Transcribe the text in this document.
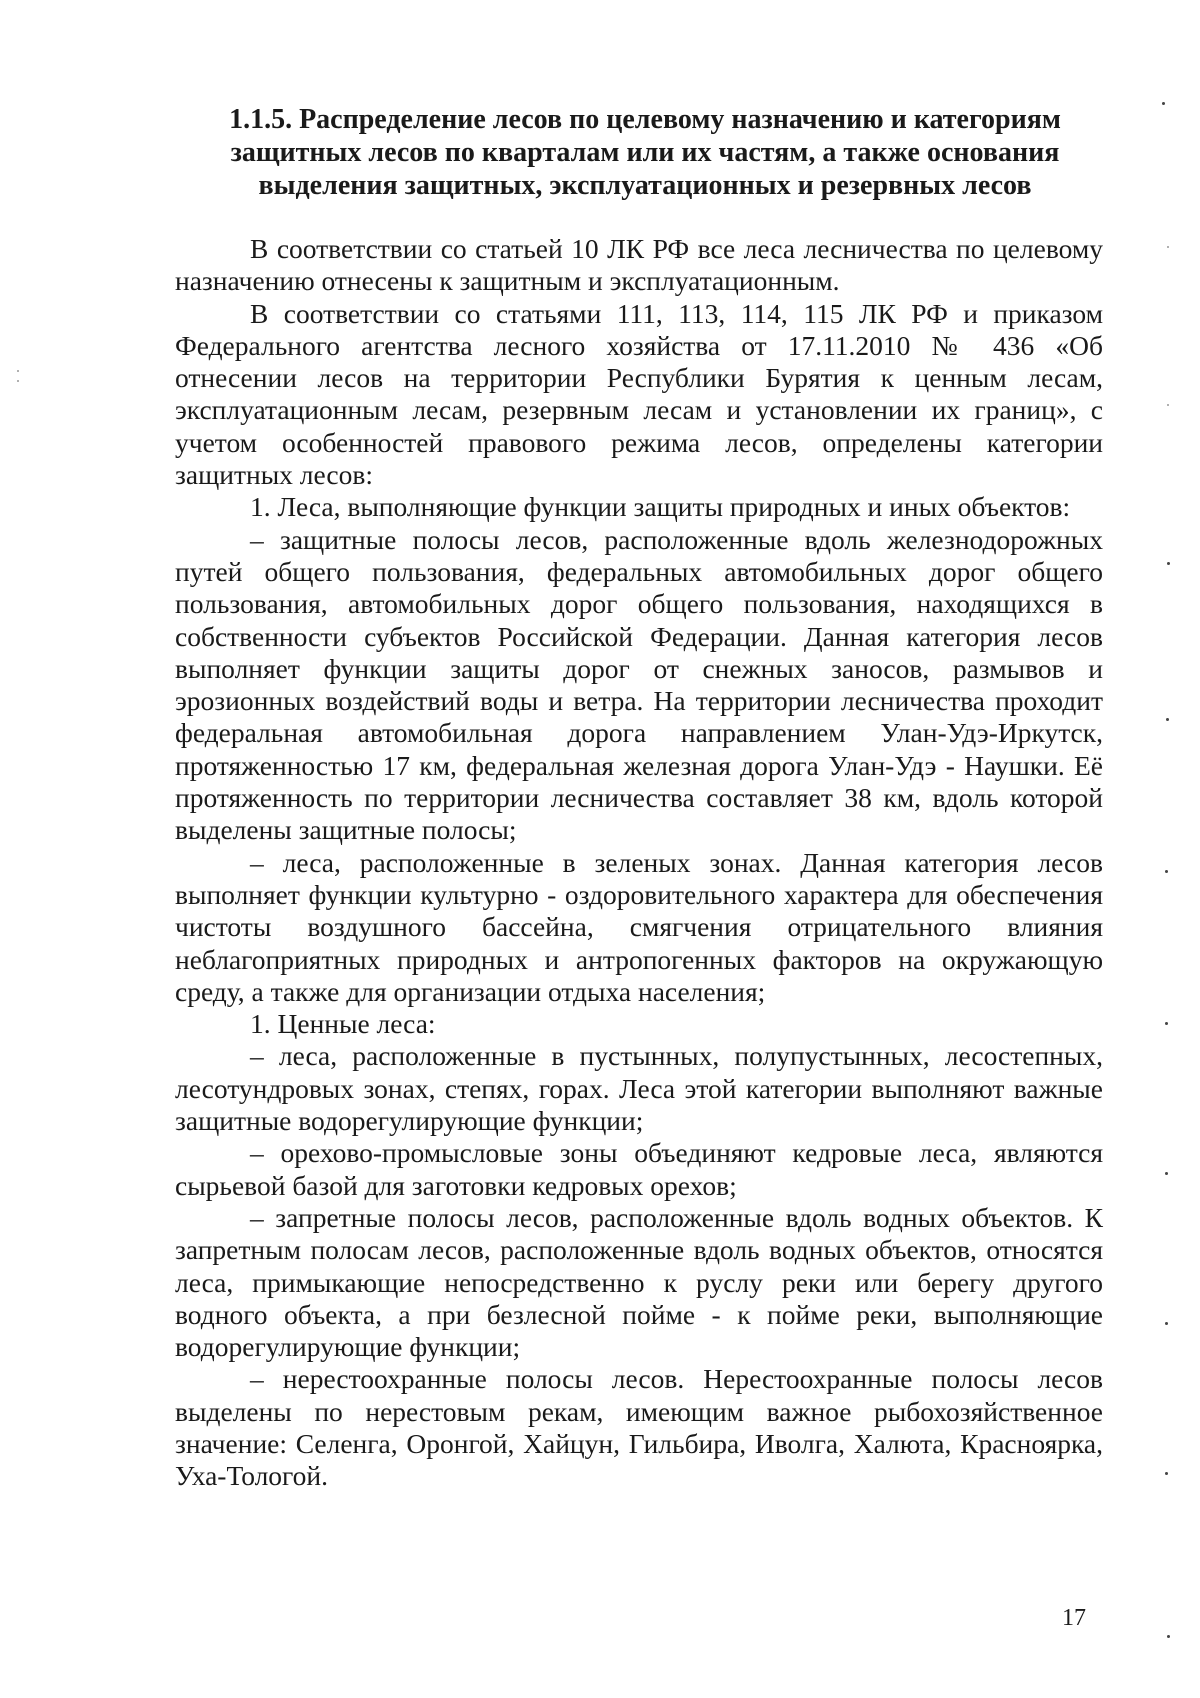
1.1.5. Распределение лесов по целевому назначению и категориям
защитных лесов по кварталам или их частям, а также основания
выделения защитных, эксплуатационных и резервных лесов

В соответствии со статьей 10 ЛК РФ все леса лесничества по целевому назначению отнесены к защитным и эксплуатационным.

В соответствии со статьями 111, 113, 114, 115 ЛК РФ и приказом Федерального агентства лесного хозяйства от 17.11.2010 № 436 «Об отнесении лесов на территории Республики Бурятия к ценным лесам, эксплуатационным лесам, резервным лесам и установлении их границ», с учетом особенностей правового режима лесов, определены категории защитных лесов:

1. Леса, выполняющие функции защиты природных и иных объектов:

– защитные полосы лесов, расположенные вдоль железнодорожных путей общего пользования, федеральных автомобильных дорог общего пользования, автомобильных дорог общего пользования, находящихся в собственности субъектов Российской Федерации. Данная категория лесов выполняет функции защиты дорог от снежных заносов, размывов и эрозионных воздействий воды и ветра. На территории лесничества проходит федеральная автомобильная дорога направлением Улан-Удэ-Иркутск, протяженностью 17 км, федеральная железная дорога Улан-Удэ - Наушки. Её протяженность по территории лесничества составляет 38 км, вдоль которой выделены защитные полосы;

– леса, расположенные в зеленых зонах. Данная категория лесов выполняет функции культурно - оздоровительного характера для обеспечения чистоты воздушного бассейна, смягчения отрицательного влияния неблагоприятных природных и антропогенных факторов на окружающую среду, а также для организации отдыха населения;

1. Ценные леса:

– леса, расположенные в пустынных, полупустынных, лесостепных, лесотундровых зонах, степях, горах. Леса этой категории выполняют важные защитные водорегулирующие функции;

– орехово-промысловые зоны объединяют кедровые леса, являются сырьевой базой для заготовки кедровых орехов;

– запретные полосы лесов, расположенные вдоль водных объектов. К запретным полосам лесов, расположенные вдоль водных объектов, относятся леса, примыкающие непосредственно к руслу реки или берегу другого водного объекта, а при безлесной пойме - к пойме реки, выполняющие водорегулирующие функции;

– нерестоохранные полосы лесов. Нерестоохранные полосы лесов выделены по нерестовым рекам, имеющим важное рыбохозяйственное значение: Селенга, Оронгой, Хайцун, Гильбира, Иволга, Халюта, Красноярка, Уха-Тологой.

17
